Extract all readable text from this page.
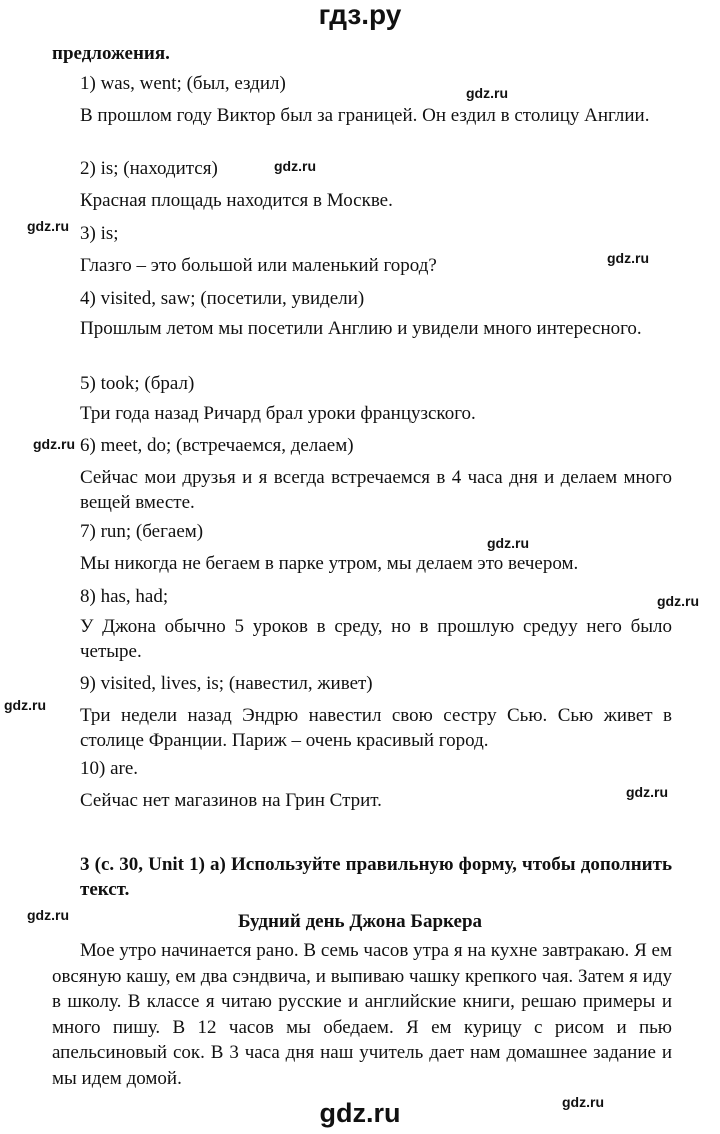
гдз.ру
предложения.
1) was, went; (был, ездил)
В прошлом году Виктор был за границей. Он ездил в столицу Англии.
2) is; (находится)
Красная площадь находится в Москве.
3) is;
Глазго – это большой или маленький город?
4) visited, saw; (посетили, увидели)
Прошлым летом мы посетили Англию и увидели много интересного.
5) took; (брал)
Три года назад Ричард брал уроки французского.
6) meet, do; (встречаемся, делаем)
Сейчас мои друзья и я всегда встречаемся в 4 часа дня и делаем много вещей вместе.
7) run; (бегаем)
Мы никогда не бегаем в парке утром, мы делаем это вечером.
8) has, had;
У Джона обычно 5 уроков в среду, но в прошлую средуу него было четыре.
9) visited, lives, is; (навестил, живет)
Три недели назад Эндрю навестил свою сестру Сью. Сью живет в столице Франции. Париж – очень красивый город.
10) are.
Сейчас нет магазинов на Грин Стрит.
3 (с. 30, Unit 1) a) Используйте правильную форму, чтобы дополнить текст.
Будний день Джона Баркера
Мое утро начинается рано. В семь часов утра я на кухне завтракаю. Я ем овсяную кашу, ем два сэндвича, и выпиваю чашку крепкого чая. Затем я иду в школу. В классе я читаю русские и английские книги, решаю примеры и много пишу. В 12 часов мы обедаем. Я ем курицу с рисом и пью апельсиновый сок. В 3 часа дня наш учитель дает нам домашнее задание и мы идем домой.
gdz.ru
gdz.ru
gdz.ru
gdz.ru
gdz.ru
gdz.ru
gdz.ru
gdz.ru
gdz.ru
gdz.ru
gdz.ru
gdz.ru
